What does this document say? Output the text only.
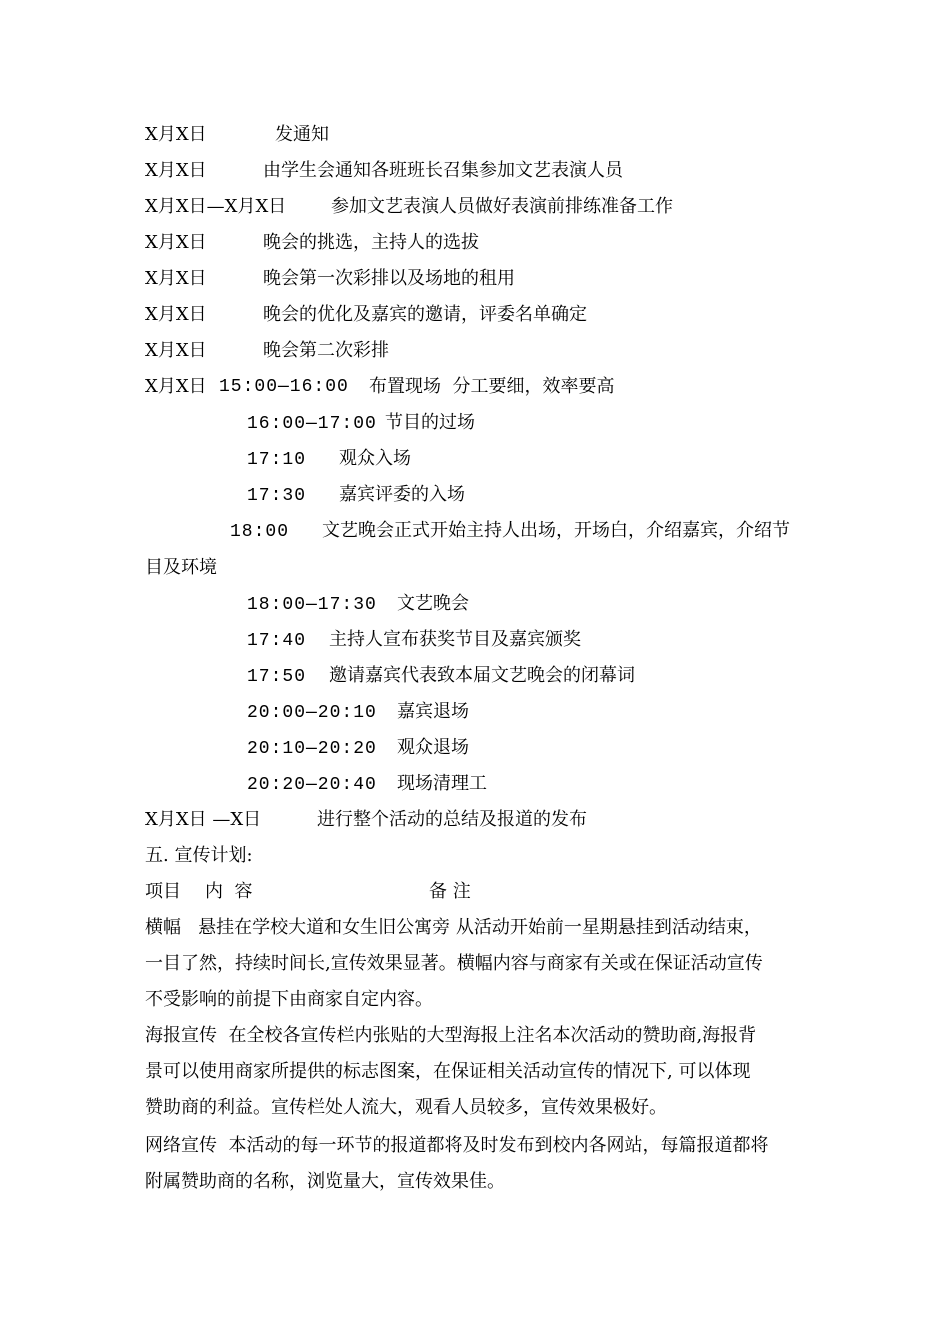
X月X日	发通知
X月X日	由学生会通知各班班长召集参加文艺表演人员
X月X日—X月X日 参加文艺表演人员做好表演前排练准备工作
X月X日	晚会的挑选，主持人的选拔
X月X日	晚会第一次彩排以及场地的租用
X月X日	晚会的优化及嘉宾的邀请，评委名单确定
X月X日	晚会第二次彩排
X月X日 15:00—16:00 布置现场  分工要细，效率要高
16:00—17:00 节目的过场
17:10 观众入场
17:30 嘉宾评委的入场
18:00 文艺晚会正式开始主持人出场，开场白，介绍嘉宾，介绍节
目及环境
18:00—17:30 文艺晚会
17:40 主持人宣布获奖节目及嘉宾颁奖
17:50 邀请嘉宾代表致本届文艺晚会的闭幕词
20:00—20:10 嘉宾退场
20:10—20:20 观众退场
20:20—20:40 现场清理工
X月X日 —X日	进行整个活动的总结及报道的发布
五. 宣传计划:
项目 内  容	备 注
横幅   悬挂在学校大道和女生旧公寓旁 从活动开始前一星期悬挂到活动结束，
一目了然，持续时间长,宣传效果显著。横幅内容与商家有关或在保证活动宣传
不受影响的前提下由商家自定内容。
海报宣传  在全校各宣传栏内张贴的大型海报上注名本次活动的赞助商,海报背
景可以使用商家所提供的标志图案，在保证相关活动宣传的情况下, 可以体现
赞助商的利益。宣传栏处人流大，观看人员较多，宣传效果极好。
网络宣传  本活动的每一环节的报道都将及时发布到校内各网站，每篇报道都将
附属赞助商的名称，浏览量大，宣传效果佳。
